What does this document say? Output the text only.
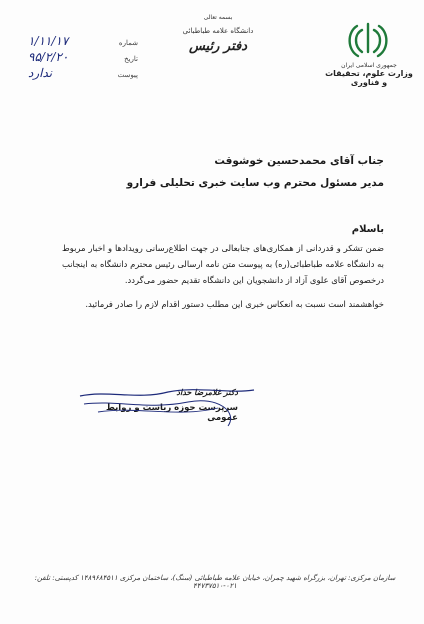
۱/۱۱/۱۷	شماره
۹۵/۲/۲۰	تاریخ
ندارد	پیوست
بسمه تعالی
دانشگاه علامه طباطبائی
دفتر رئیس
جمهوری اسلامی ایران
وزارت علوم، تحقیقات و فناوری
جناب آقای محمدحسین خوشوقت
مدیر مسئول محترم وب سایت خبری تحلیلی فرارو
باسلام
ضمن تشکر و قدردانی از همکاری‌های جنابعالی در جهت اطلاع‌رسانی رویدادها و اخبار مربوط به دانشگاه علامه طباطبائی(ره) به پیوست متن نامه ارسالی رئیس محترم دانشگاه به اینجانب درخصوص آقای علوی آزاد از دانشجویان این دانشگاه تقدیم حضور می‌گردد.
خواهشمند است نسبت به انعکاس خبری این مطلب دستور اقدام لازم را صادر فرمائید.
دکتر غلامرضا حداد
سرپرست حوزه ریاست و روابط عمومی
سازمان مرکزی: تهران، بزرگراه شهید چمران، خیابان علامه طباطبائی (سنگ)، ساختمان مرکزی ۱۴۸۹۶۸۴۵۱۱ کدپستی: تلفن: ۰۲۱-۴۴۷۳۷۵۱۰
